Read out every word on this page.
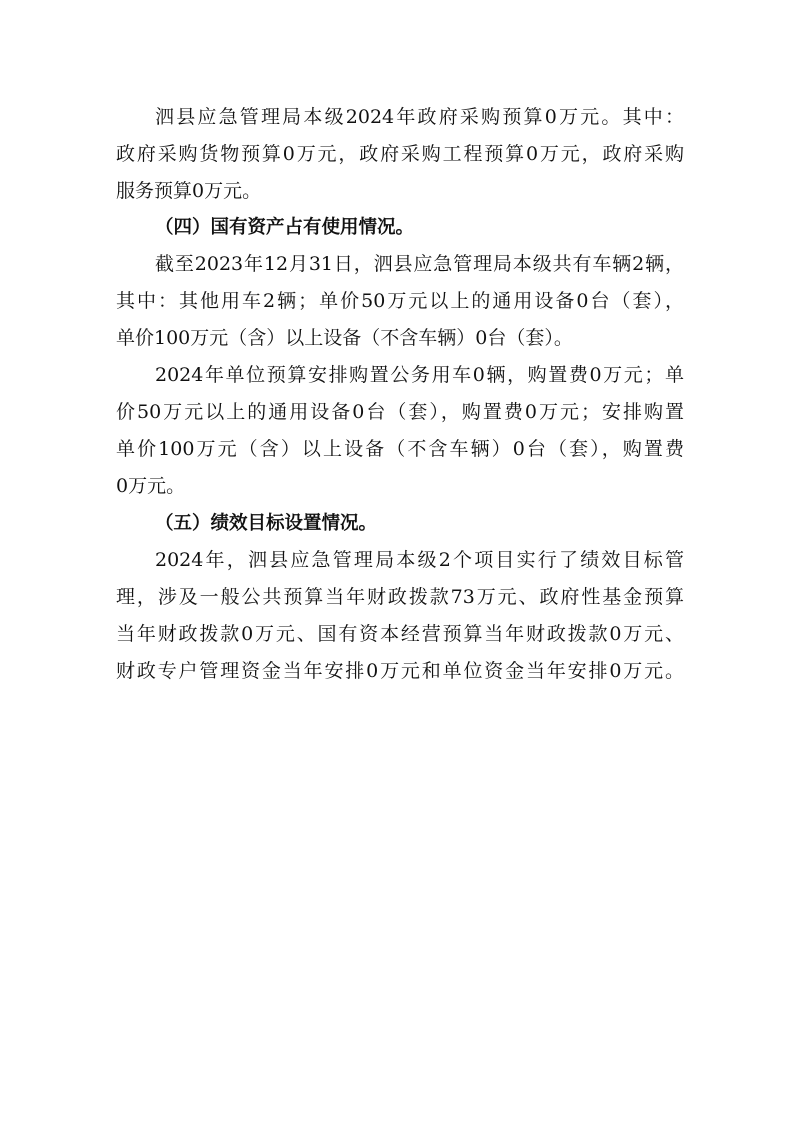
泗县应急管理局本级2024年政府采购预算0万元。其中：
政府采购货物预算0万元，政府采购工程预算0万元，政府采购
服务预算0万元。
（四）国有资产占有使用情况。
截至2023年12月31日，泗县应急管理局本级共有车辆2辆，
其中：其他用车2辆；单价50万元以上的通用设备0台（套），
单价100万元（含）以上设备（不含车辆）0台（套）。
2024年单位预算安排购置公务用车0辆，购置费0万元；单
价50万元以上的通用设备0台（套），购置费0万元；安排购置
单价100万元（含）以上设备（不含车辆）0台（套），购置费
0万元。
（五）绩效目标设置情况。
2024年，泗县应急管理局本级2个项目实行了绩效目标管
理，涉及一般公共预算当年财政拨款73万元、政府性基金预算
当年财政拨款0万元、国有资本经营预算当年财政拨款0万元、
财政专户管理资金当年安排0万元和单位资金当年安排0万元。
